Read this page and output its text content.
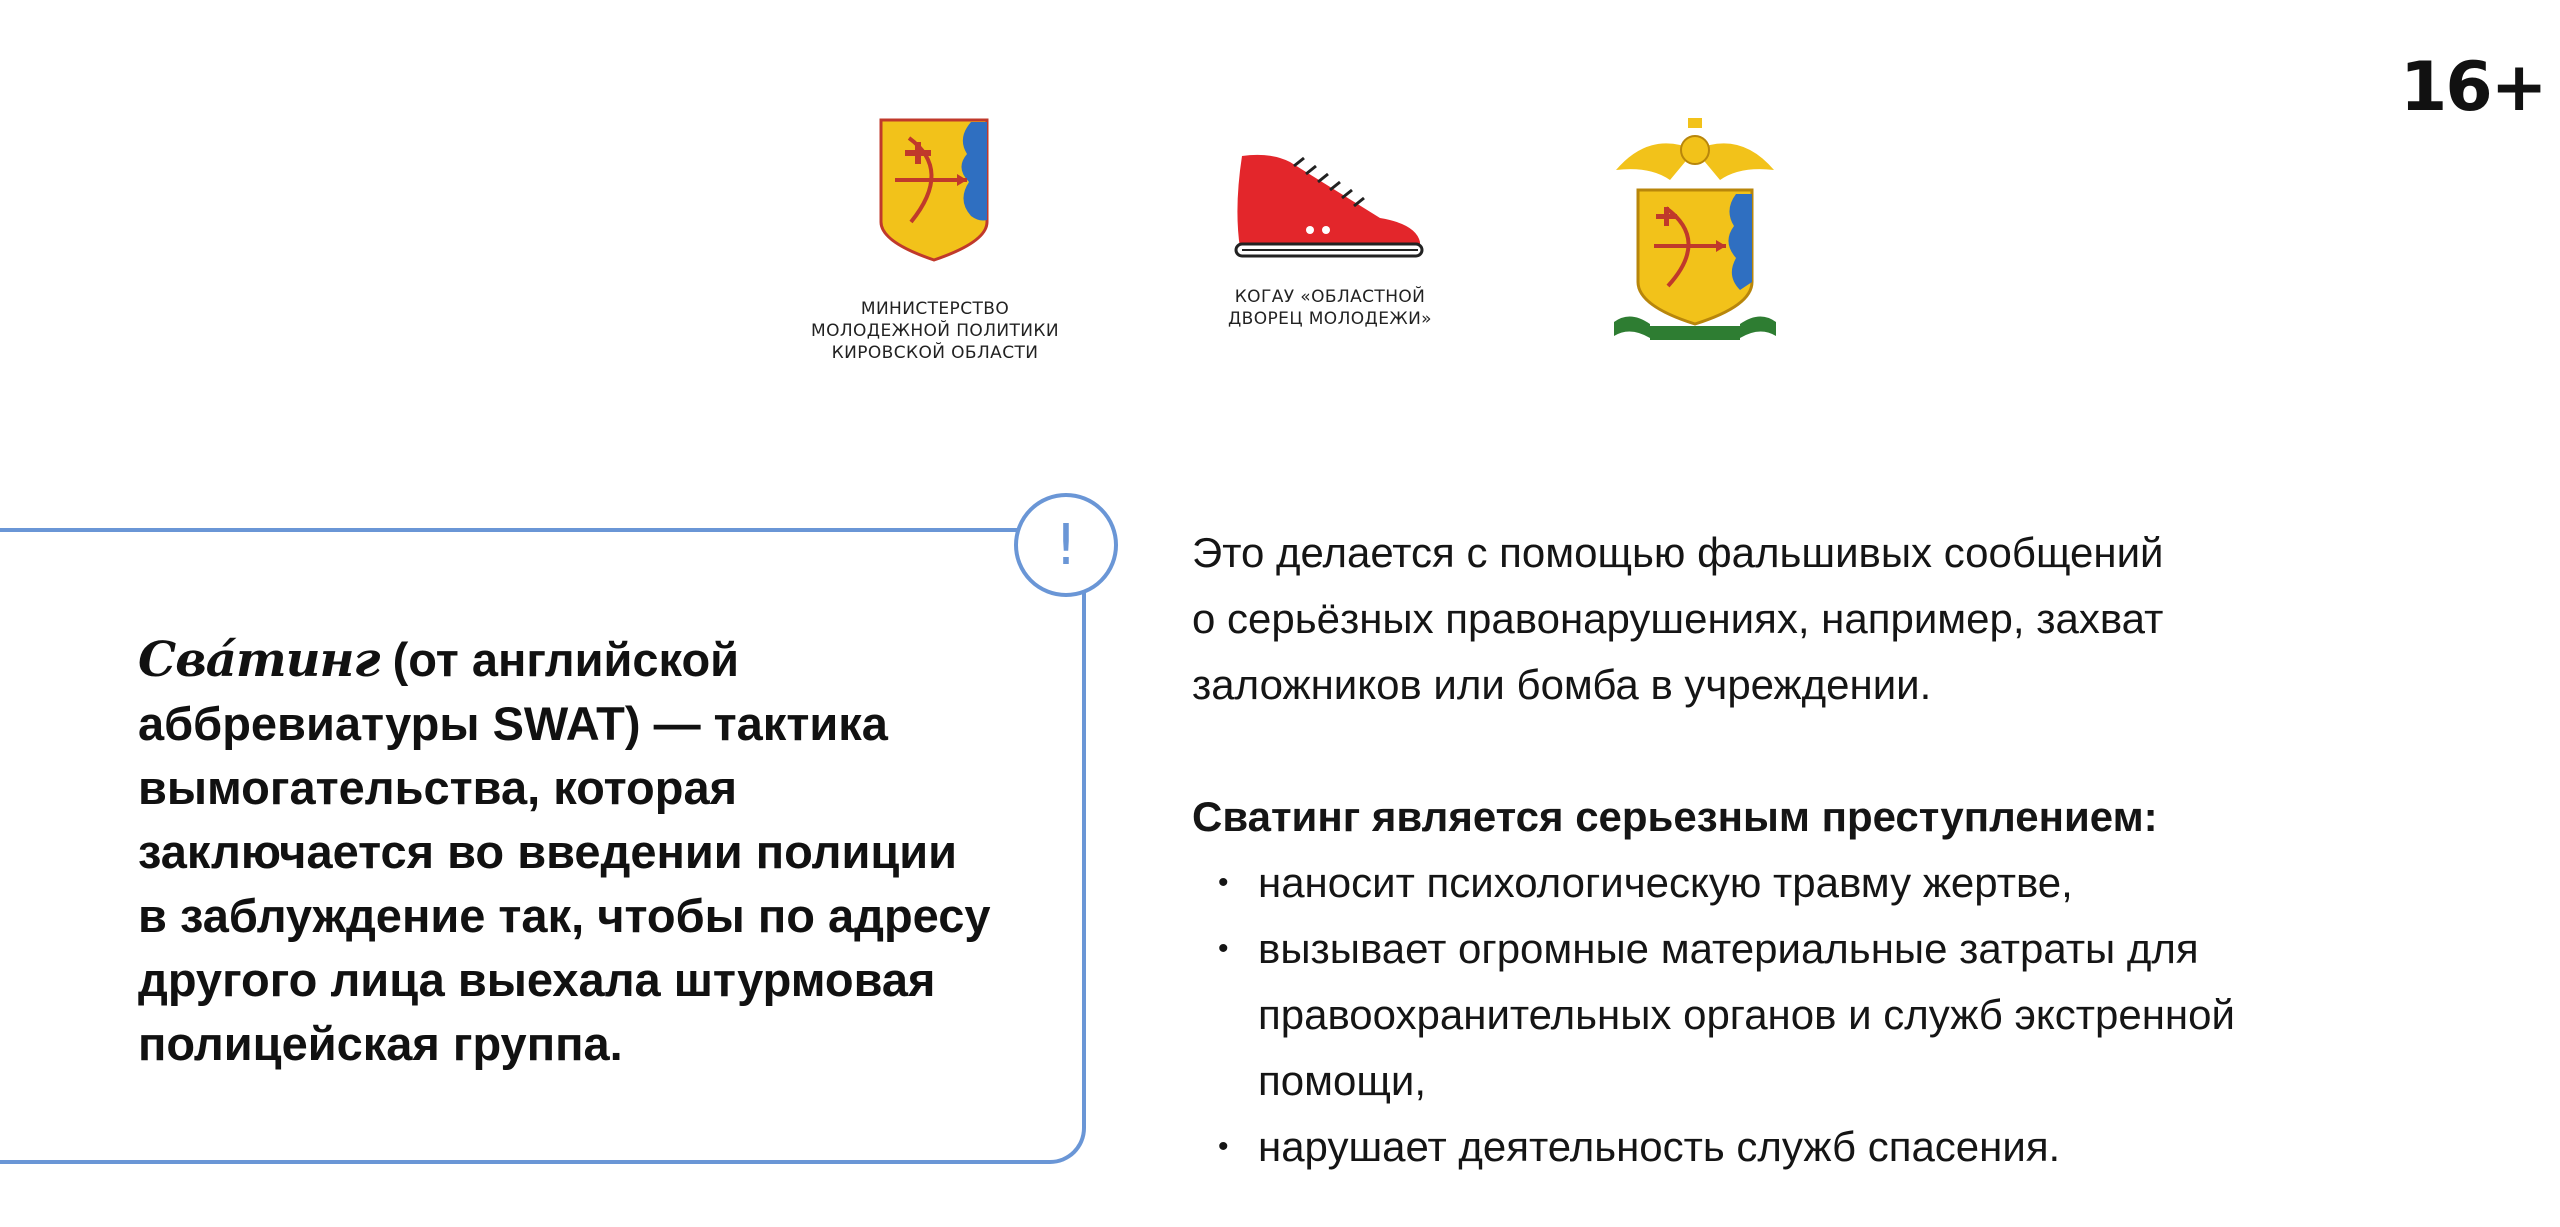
16+
МИНИСТЕРСТВО
МОЛОДЕЖНОЙ ПОЛИТИКИ
КИРОВСКОЙ ОБЛАСТИ
КОГАУ «ОБЛАСТНОЙ
ДВОРЕЦ МОЛОДЕЖИ»
!
Сва́тинг (от английской
аббревиатуры SWAT) — тактика
вымогательства, которая
заключается во введении полиции
в заблуждение так, чтобы по адресу
другого лица выехала штурмовая
полицейская группа.
Это делается с помощью фальшивых сообщений
о серьёзных правонарушениях, например, захват
заложников или бомба в учреждении.
Сватинг является серьезным преступлением:
• наносит психологическую травму жертве,
• вызывает огромные материальные затраты для
правоохранительных органов и служб экстренной
помощи,
• нарушает деятельность служб спасения.
